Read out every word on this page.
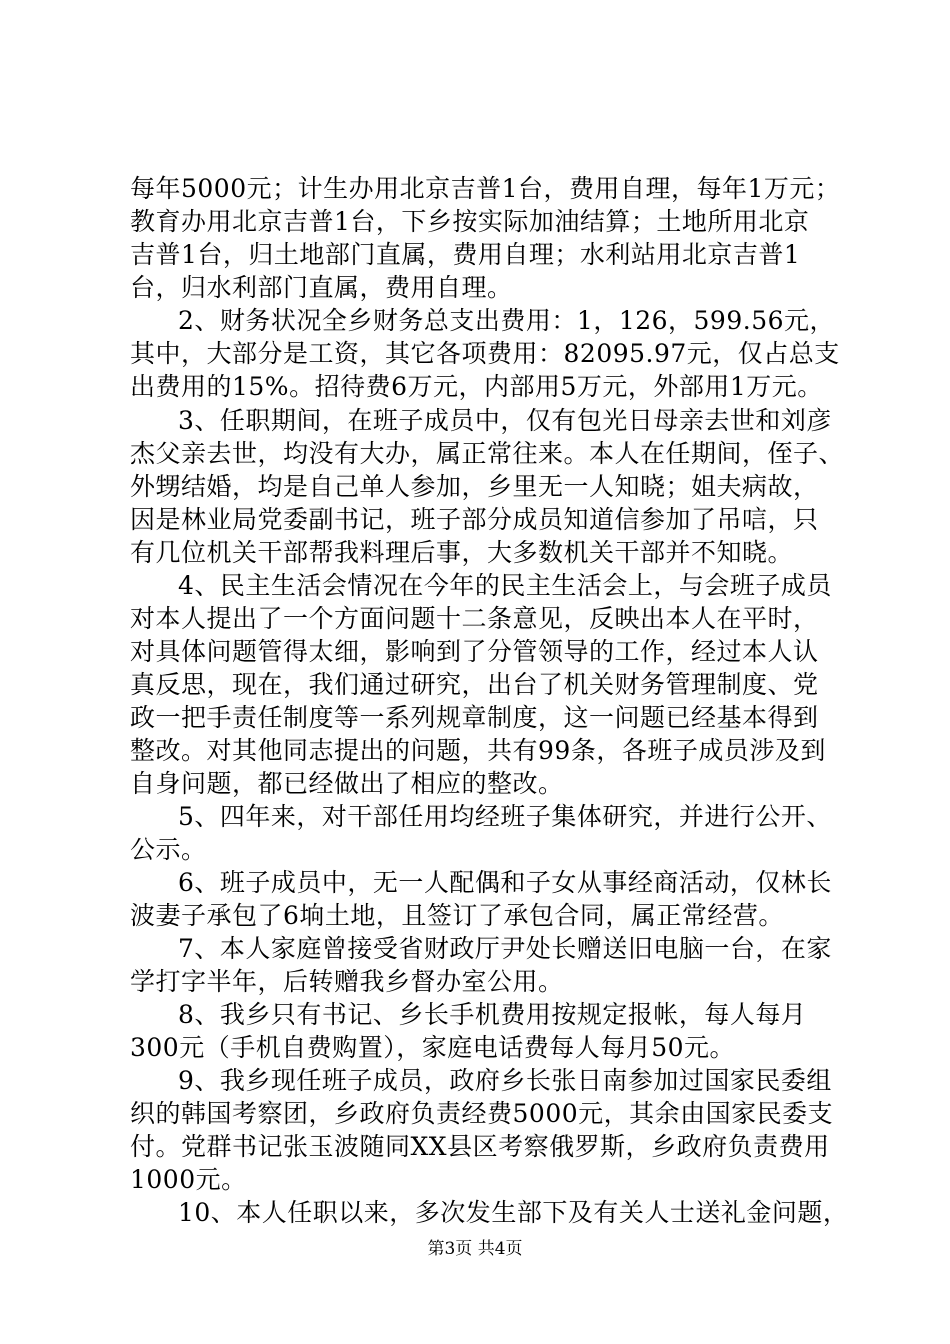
每年5000元；计生办用北京吉普1台，费用自理，每年1万元；
教育办用北京吉普1台，下乡按实际加油结算；土地所用北京
吉普1台，归土地部门直属，费用自理；水利站用北京吉普1
台，归水利部门直属，费用自理。
2、财务状况全乡财务总支出费用：1，126，599.56元，
其中，大部分是工资，其它各项费用：82095.97元，仅占总支
出费用的15%。招待费6万元，内部用5万元，外部用1万元。
3、任职期间，在班子成员中，仅有包光日母亲去世和刘彦
杰父亲去世，均没有大办，属正常往来。本人在任期间，侄子、
外甥结婚，均是自己单人参加，乡里无一人知晓；姐夫病故，
因是林业局党委副书记，班子部分成员知道信参加了吊唁，只
有几位机关干部帮我料理后事，大多数机关干部并不知晓。
4、民主生活会情况在今年的民主生活会上，与会班子成员
对本人提出了一个方面问题十二条意见，反映出本人在平时，
对具体问题管得太细，影响到了分管领导的工作，经过本人认
真反思，现在，我们通过研究，出台了机关财务管理制度、党
政一把手责任制度等一系列规章制度，这一问题已经基本得到
整改。对其他同志提出的问题，共有99条，各班子成员涉及到
自身问题，都已经做出了相应的整改。
5、四年来，对干部任用均经班子集体研究，并进行公开、
公示。
6、班子成员中，无一人配偶和子女从事经商活动，仅林长
波妻子承包了6垧土地，且签订了承包合同，属正常经营。
7、本人家庭曾接受省财政厅尹处长赠送旧电脑一台，在家
学打字半年，后转赠我乡督办室公用。
8、我乡只有书记、乡长手机费用按规定报帐，每人每月
300元（手机自费购置），家庭电话费每人每月50元。
9、我乡现任班子成员，政府乡长张日南参加过国家民委组
织的韩国考察团，乡政府负责经费5000元，其余由国家民委支
付。党群书记张玉波随同XX县区考察俄罗斯，乡政府负责费用
1000元。
10、本人任职以来，多次发生部下及有关人士送礼金问题，
第3页 共4页
